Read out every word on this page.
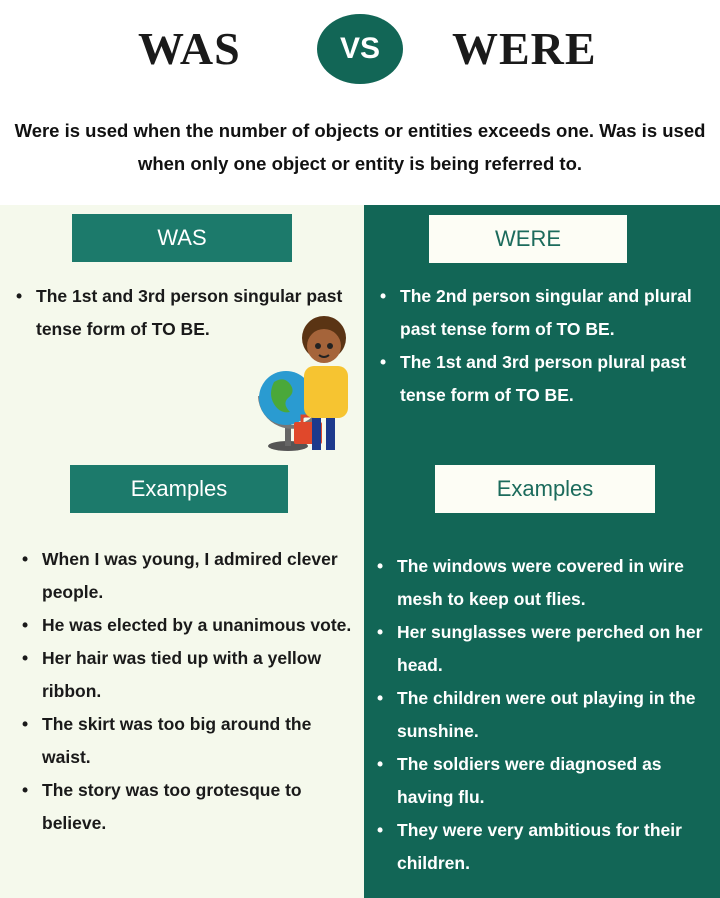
WAS	VS	WERE
Were is used when the number of objects or entities exceeds one. Was is used when only one object or entity is being referred to.
WAS	WERE
• The 1st and 3rd person singular past tense form of TO BE.
• The 2nd person singular and plural past tense form of TO BE.
• The 1st and 3rd person plural past tense form of TO BE.
Examples	Examples
• When I was young, I admired clever people.
• He was elected by a unanimous vote.
• Her hair was tied up with a yellow ribbon.
• The skirt was too big around the waist.
• The story was too grotesque to believe.
• The windows were covered in wire mesh to keep out flies.
• Her sunglasses were perched on her head.
• The children were out playing in the sunshine.
• The soldiers were diagnosed as having flu.
• They were very ambitious for their children.
